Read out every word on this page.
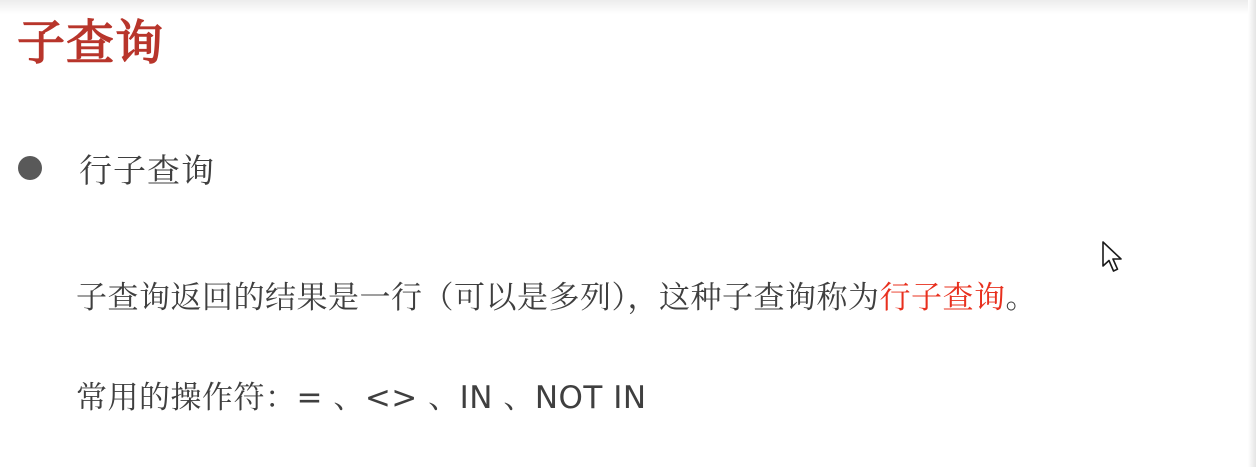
子查询
行子查询

子查询返回的结果是一行（可以是多列），这种子查询称为行子查询。

常用的操作符：= 、<> 、IN 、NOT IN
